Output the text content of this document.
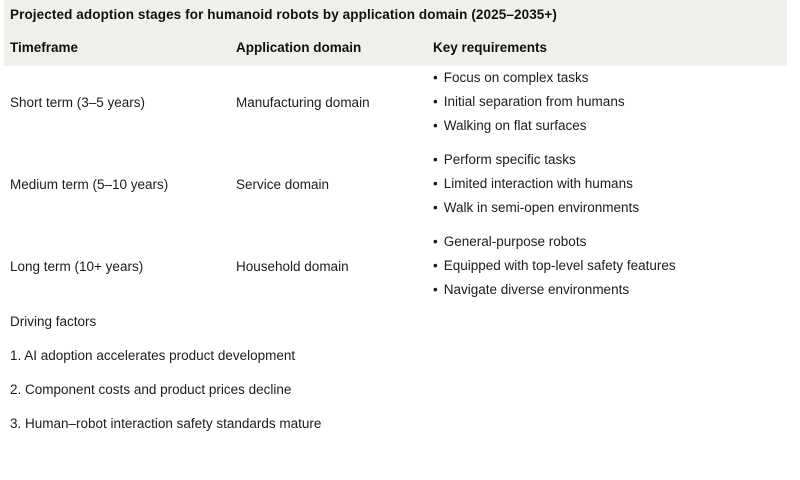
Projected adoption stages for humanoid robots by application domain (2025–2035+)
Timeframe	Application domain	Key requirements
Short term (3–5 years)	Manufacturing domain
• Focus on complex tasks
• Initial separation from humans
• Walking on flat surfaces
Medium term (5–10 years)	Service domain
• Perform specific tasks
• Limited interaction with humans
• Walk in semi-open environments
Long term (10+ years)	Household domain
• General-purpose robots
• Equipped with top-level safety features
• Navigate diverse environments
Driving factors
1. AI adoption accelerates product development
2. Component costs and product prices decline
3. Human–robot interaction safety standards mature
